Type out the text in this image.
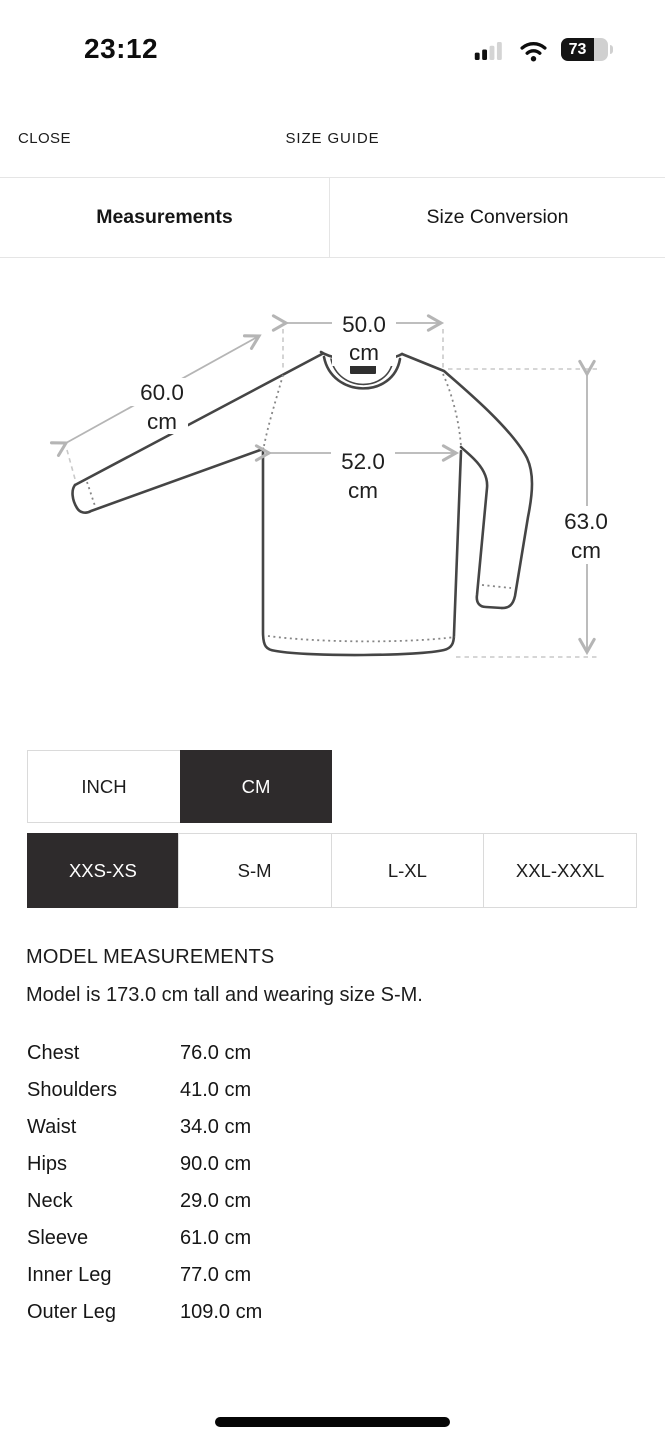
23:12	73
SIZE GUIDE
CLOSE
Measurements	Size Conversion
50.0
cm
60.0
cm
52.0
cm
63.0
cm
INCH	CM
XXS-XS	S-M	L-XL	XXL-XXXL
MODEL MEASUREMENTS
Model is 173.0 cm tall and wearing size S-M.
Chest	76.0 cm
Shoulders	41.0 cm
Waist	34.0 cm
Hips	90.0 cm
Neck	29.0 cm
Sleeve	61.0 cm
Inner Leg	77.0 cm
Outer Leg	109.0 cm
